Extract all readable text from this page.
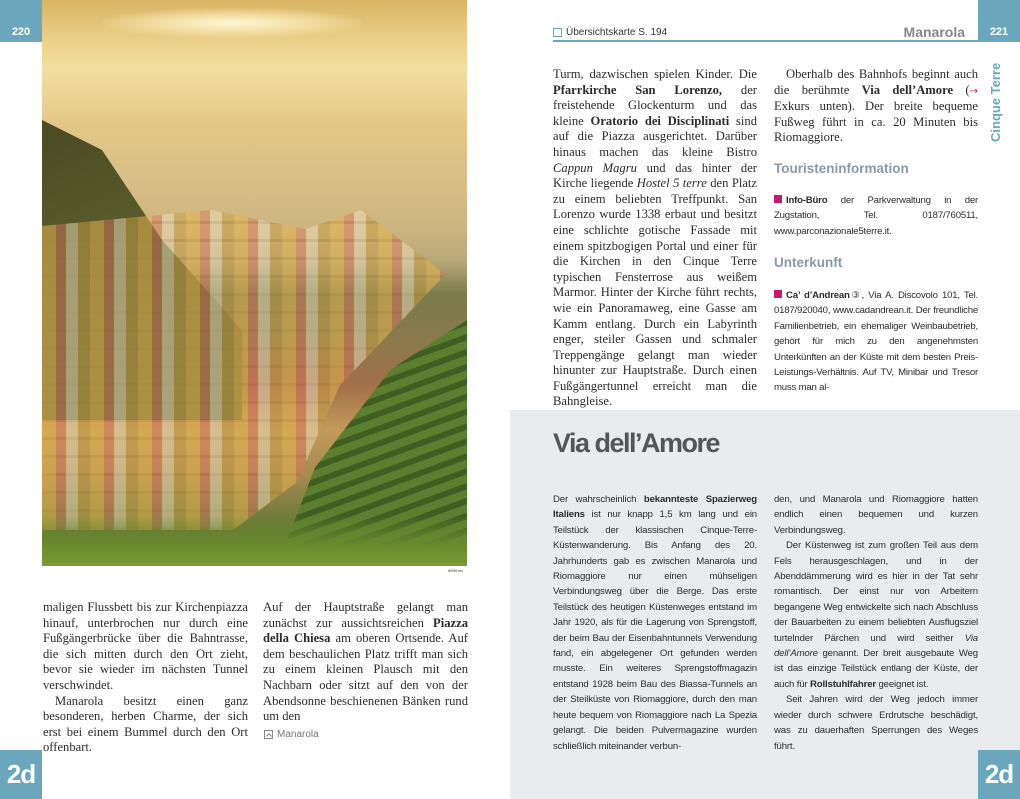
220
959lf mc

maligen Flussbett bis zur Kirchenpiazza hinauf, unterbrochen nur durch eine Fußgängerbrücke über die Bahntrasse, die sich mitten durch den Ort zieht, bevor sie wieder im nächsten Tunnel verschwindet.

Manarola besitzt einen ganz besonderen, herben Charme, der sich erst bei einem Bummel durch den Ort offenbart.

Auf der Hauptstraße gelangt man zunächst zur aussichtsreichen Piazza della Chiesa am oberen Ortsende. Auf dem beschaulichen Platz trifft man sich zu einem kleinen Plausch mit den Nachbarn oder sitzt auf den von der Abendsonne beschienenen Bänken rund um den

Manarola
2d
221
Übersichtskarte S. 194	Manarola
Cinque Terre

Turm, dazwischen spielen Kinder. Die Pfarrkirche San Lorenzo, der freistehende Glockenturm und das kleine Oratorio dei Disciplinati sind auf die Piazza ausgerichtet. Darüber hinaus machen das kleine Bistro Cappun Magru und das hinter der Kirche liegende Hostel 5 terre den Platz zu einem beliebten Treffpunkt. San Lorenzo wurde 1338 erbaut und besitzt eine schlichte gotische Fassade mit einem spitzbogigen Portal und einer für die Kirchen in den Cinque Terre typischen Fensterrose aus weißem Marmor. Hinter der Kirche führt rechts, wie ein Panoramaweg, eine Gasse am Kamm entlang. Durch ein Labyrinth enger, steiler Gassen und schmaler Treppengänge gelangt man wieder hinunter zur Hauptstraße. Durch einen Fußgängertunnel erreicht man die Bahngleise.

Oberhalb des Bahnhofs beginnt auch die berühmte Via dell’Amore (→ Exkurs unten). Der breite bequeme Fußweg führt in ca. 20 Minuten bis Riomaggiore.

Touristeninformation
Info-Büro der Parkverwaltung in der Zugstation, Tel. 0187/760511, www.parconazionale5terre.it.
Unterkunft
Ca’ d’Andrean③, Via A. Discovolo 101, Tel. 0187/920040, www.cadandrean.it. Der freundliche Familienbetrieb, ein ehemaliger Weinbaubetrieb, gehört für mich zu den angenehmsten Unterkünften an der Küste mit dem besten Preis-Leistungs-Verhältnis. Auf TV, Minibar und Tresor muss man al-
Via dell’Amore

Der wahrscheinlich bekannteste Spazierweg Italiens ist nur knapp 1,5 km lang und ein Teilstück der klassischen Cinque-Terre-Küstenwanderung. Bis Anfang des 20. Jahrhunderts gab es zwischen Manarola und Riomaggiore nur einen mühseligen Verbindungsweg über die Berge. Das erste Teilstück des heutigen Küstenweges entstand im Jahr 1920, als für die Lagerung von Sprengstoff, der beim Bau der Eisenbahntunnels Verwendung fand, ein abgelegener Ort gefunden werden musste. Ein weiteres Sprengstoffmagazin entstand 1928 beim Bau des Biassa-Tunnels an der Steilküste von Riomaggiore, durch den man heute bequem von Riomaggiore nach La Spezia gelangt. Die beiden Pulvermagazine wurden schließlich miteinander verbun-

den, und Manarola und Riomaggiore hatten endlich einen bequemen und kurzen Verbindungsweg.

Der Küstenweg ist zum großen Teil aus dem Fels herausgeschlagen, und in der Abenddämmerung wird es hier in der Tat sehr romantisch. Der einst nur von Arbeitern begangene Weg entwickelte sich nach Abschluss der Bauarbeiten zu einem beliebten Ausflugsziel turtelnder Pärchen und wird seither Via dell’Amore genannt. Der breit ausgebaute Weg ist das einzige Teilstück entlang der Küste, der auch für Rollstuhlfahrer geeignet ist.

Seit Jahren wird der Weg jedoch immer wieder durch schwere Erdrutsche beschädigt, was zu dauerhaften Sperrungen des Weges führt.

2d
